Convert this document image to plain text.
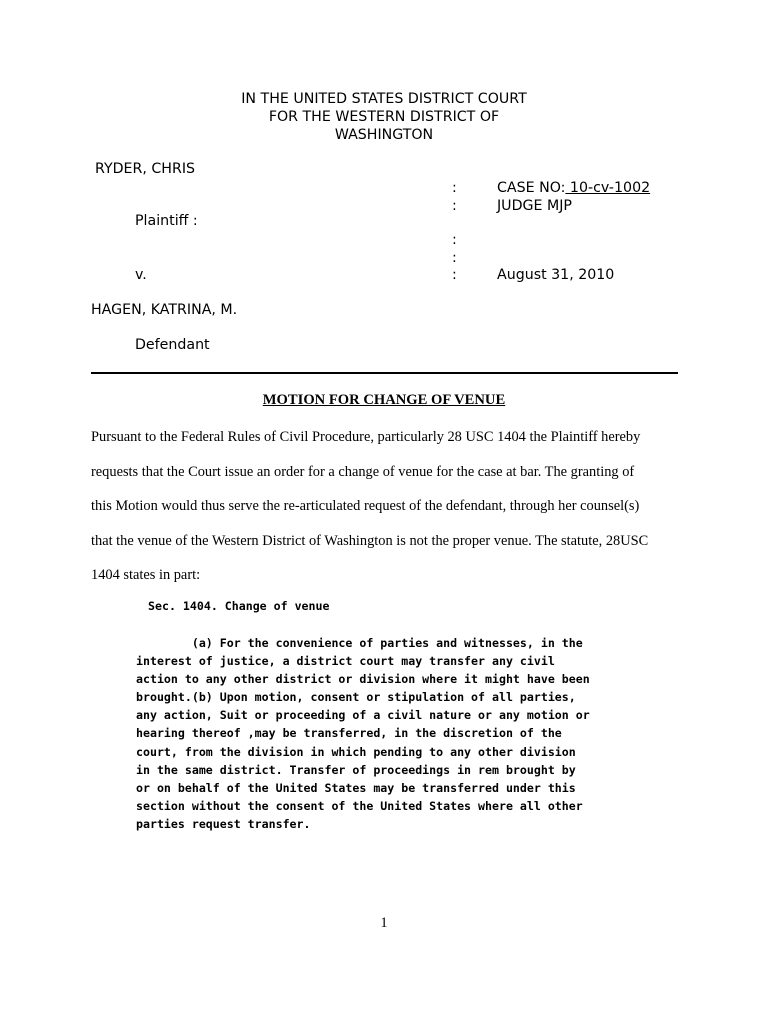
IN THE UNITED STATES DISTRICT COURT
FOR THE WESTERN DISTRICT OF
WASHINGTON
RYDER, CHRIS
Plaintiff :
v.
HAGEN, KATRINA, M.
Defendant
:
:
:
:
:
CASE NO: 10-cv-1002
JUDGE MJP
August 31, 2010
MOTION FOR CHANGE OF VENUE
Pursuant to the Federal Rules of Civil Procedure, particularly 28 USC 1404 the Plaintiff hereby
requests that the Court issue an order for a change of venue for the case at bar. The granting of
this Motion would thus serve the re-articulated request of the defendant, through her counsel(s)
that the venue of the Western District of Washington is not the proper venue. The statute, 28USC
1404 states in part:
Sec. 1404. Change of venue
(a) For the convenience of parties and witnesses, in the
interest of justice, a district court may transfer any civil
action to any other district or division where it might have been
brought.(b) Upon motion, consent or stipulation of all parties,
any action, Suit or proceeding of a civil nature or any motion or
hearing thereof ,may be transferred, in the discretion of the
court, from the division in which pending to any other division
in the same district. Transfer of proceedings in rem brought by
or on behalf of the United States may be transferred under this
section without the consent of the United States where all other
parties request transfer.
1
